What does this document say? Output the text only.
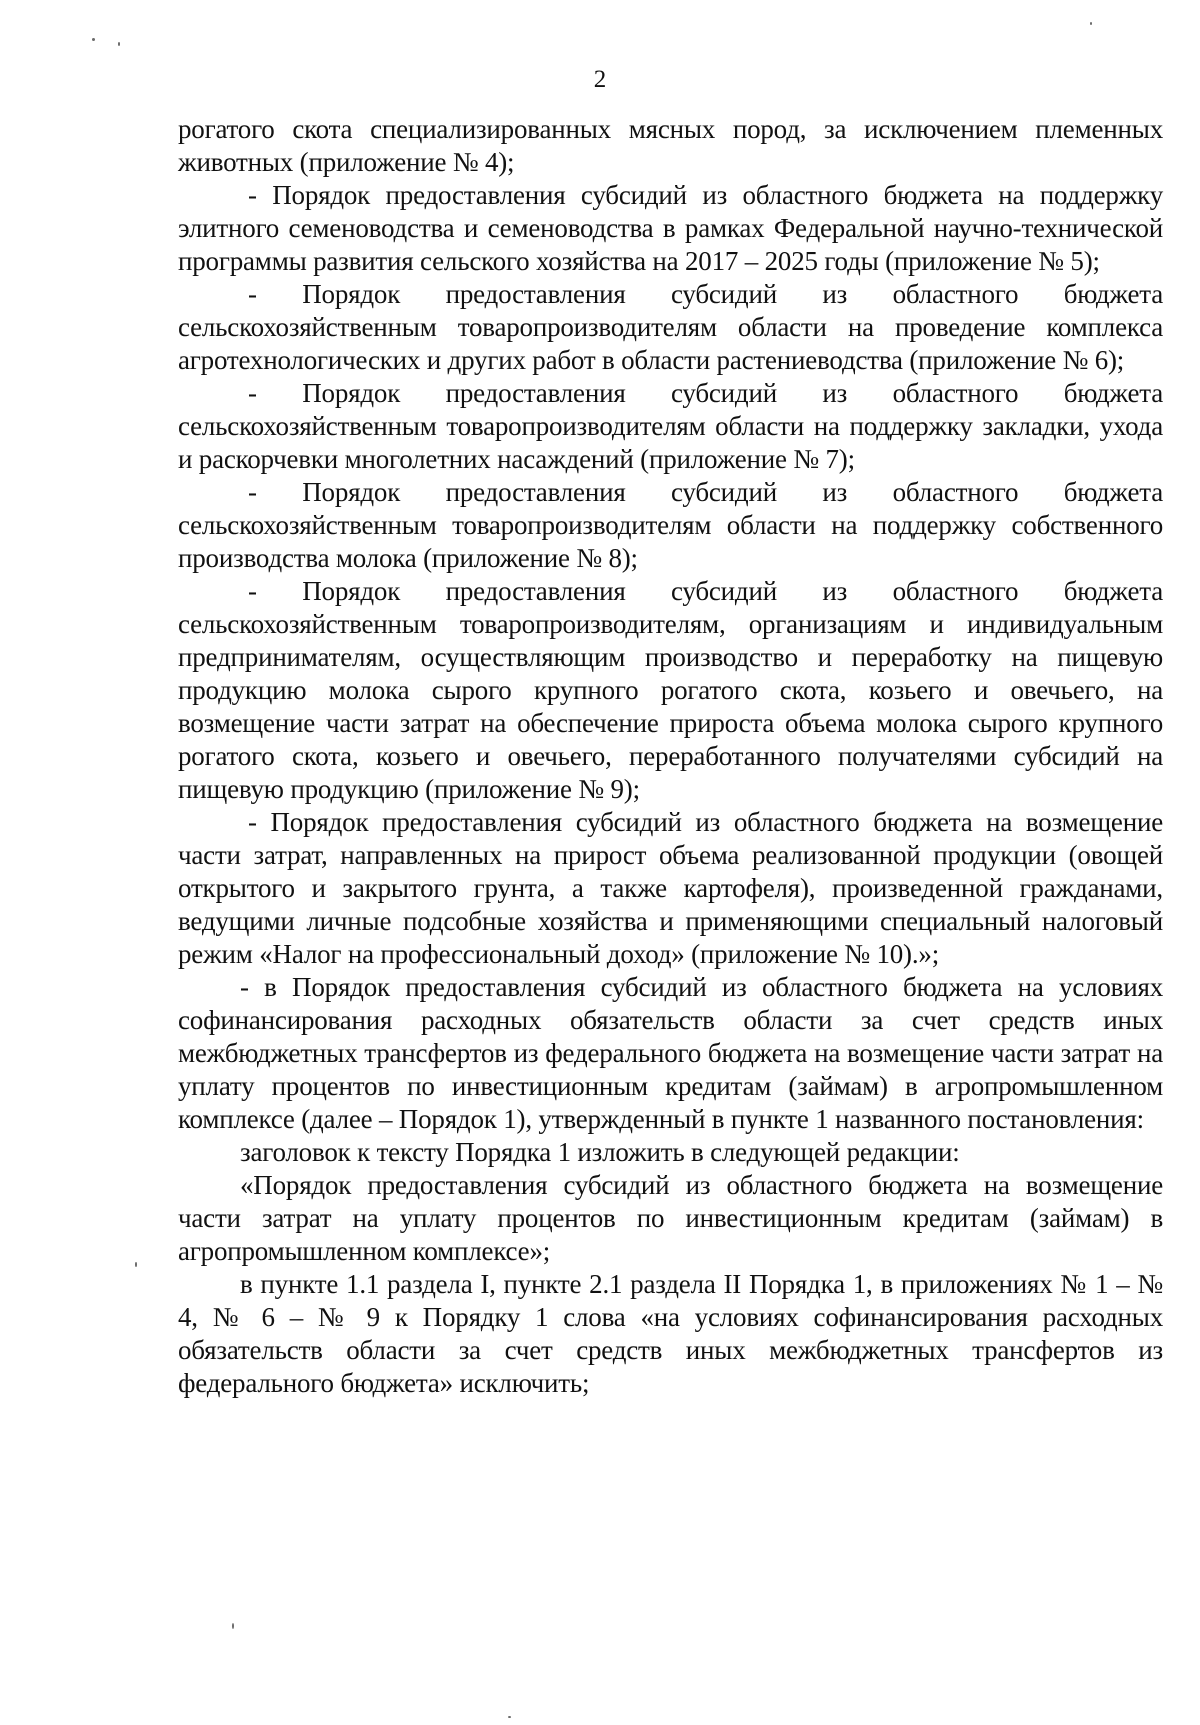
2

рогатого скота специализированных мясных пород, за исключением племенных животных (приложение № 4);

- Порядок предоставления субсидий из областного бюджета на поддержку элитного семеноводства и семеноводства в рамках Федеральной научно-технической программы развития сельского хозяйства на 2017 – 2025 годы (приложение № 5);

- Порядок предоставления субсидий из областного бюджета сельскохозяйственным товаропроизводителям области на проведение комплекса агротехнологических и других работ в области растениеводства (приложение № 6);

- Порядок предоставления субсидий из областного бюджета сельскохозяйственным товаропроизводителям области на поддержку закладки, ухода и раскорчевки многолетних насаждений (приложение № 7);

- Порядок предоставления субсидий из областного бюджета сельскохозяйственным товаропроизводителям области на поддержку собственного производства молока (приложение № 8);

- Порядок предоставления субсидий из областного бюджета сельскохозяйственным товаропроизводителям, организациям и индивидуальным предпринимателям, осуществляющим производство и переработку на пищевую продукцию молока сырого крупного рогатого скота, козьего и овечьего, на возмещение части затрат на обеспечение прироста объема молока сырого крупного рогатого скота, козьего и овечьего, переработанного получателями субсидий на пищевую продукцию (приложение № 9);

- Порядок предоставления субсидий из областного бюджета на возмещение части затрат, направленных на прирост объема реализованной продукции (овощей открытого и закрытого грунта, а также картофеля), произведенной гражданами, ведущими личные подсобные хозяйства и применяющими специальный налоговый режим «Налог на профессиональный доход» (приложение № 10).»;

- в Порядок предоставления субсидий из областного бюджета на условиях софинансирования расходных обязательств области за счет средств иных межбюджетных трансфертов из федерального бюджета на возмещение части затрат на уплату процентов по инвестиционным кредитам (займам) в агропромышленном комплексе (далее – Порядок 1), утвержденный в пункте 1 названного постановления:

заголовок к тексту Порядка 1 изложить в следующей редакции:

«Порядок предоставления субсидий из областного бюджета на возмещение части затрат на уплату процентов по инвестиционным кредитам (займам) в агропромышленном комплексе»;

в пункте 1.1 раздела I, пункте 2.1 раздела II Порядка 1, в приложениях № 1 – № 4, № 6 – № 9 к Порядку 1 слова «на условиях софинансирования расходных обязательств области за счет средств иных межбюджетных трансфертов из федерального бюджета» исключить;
